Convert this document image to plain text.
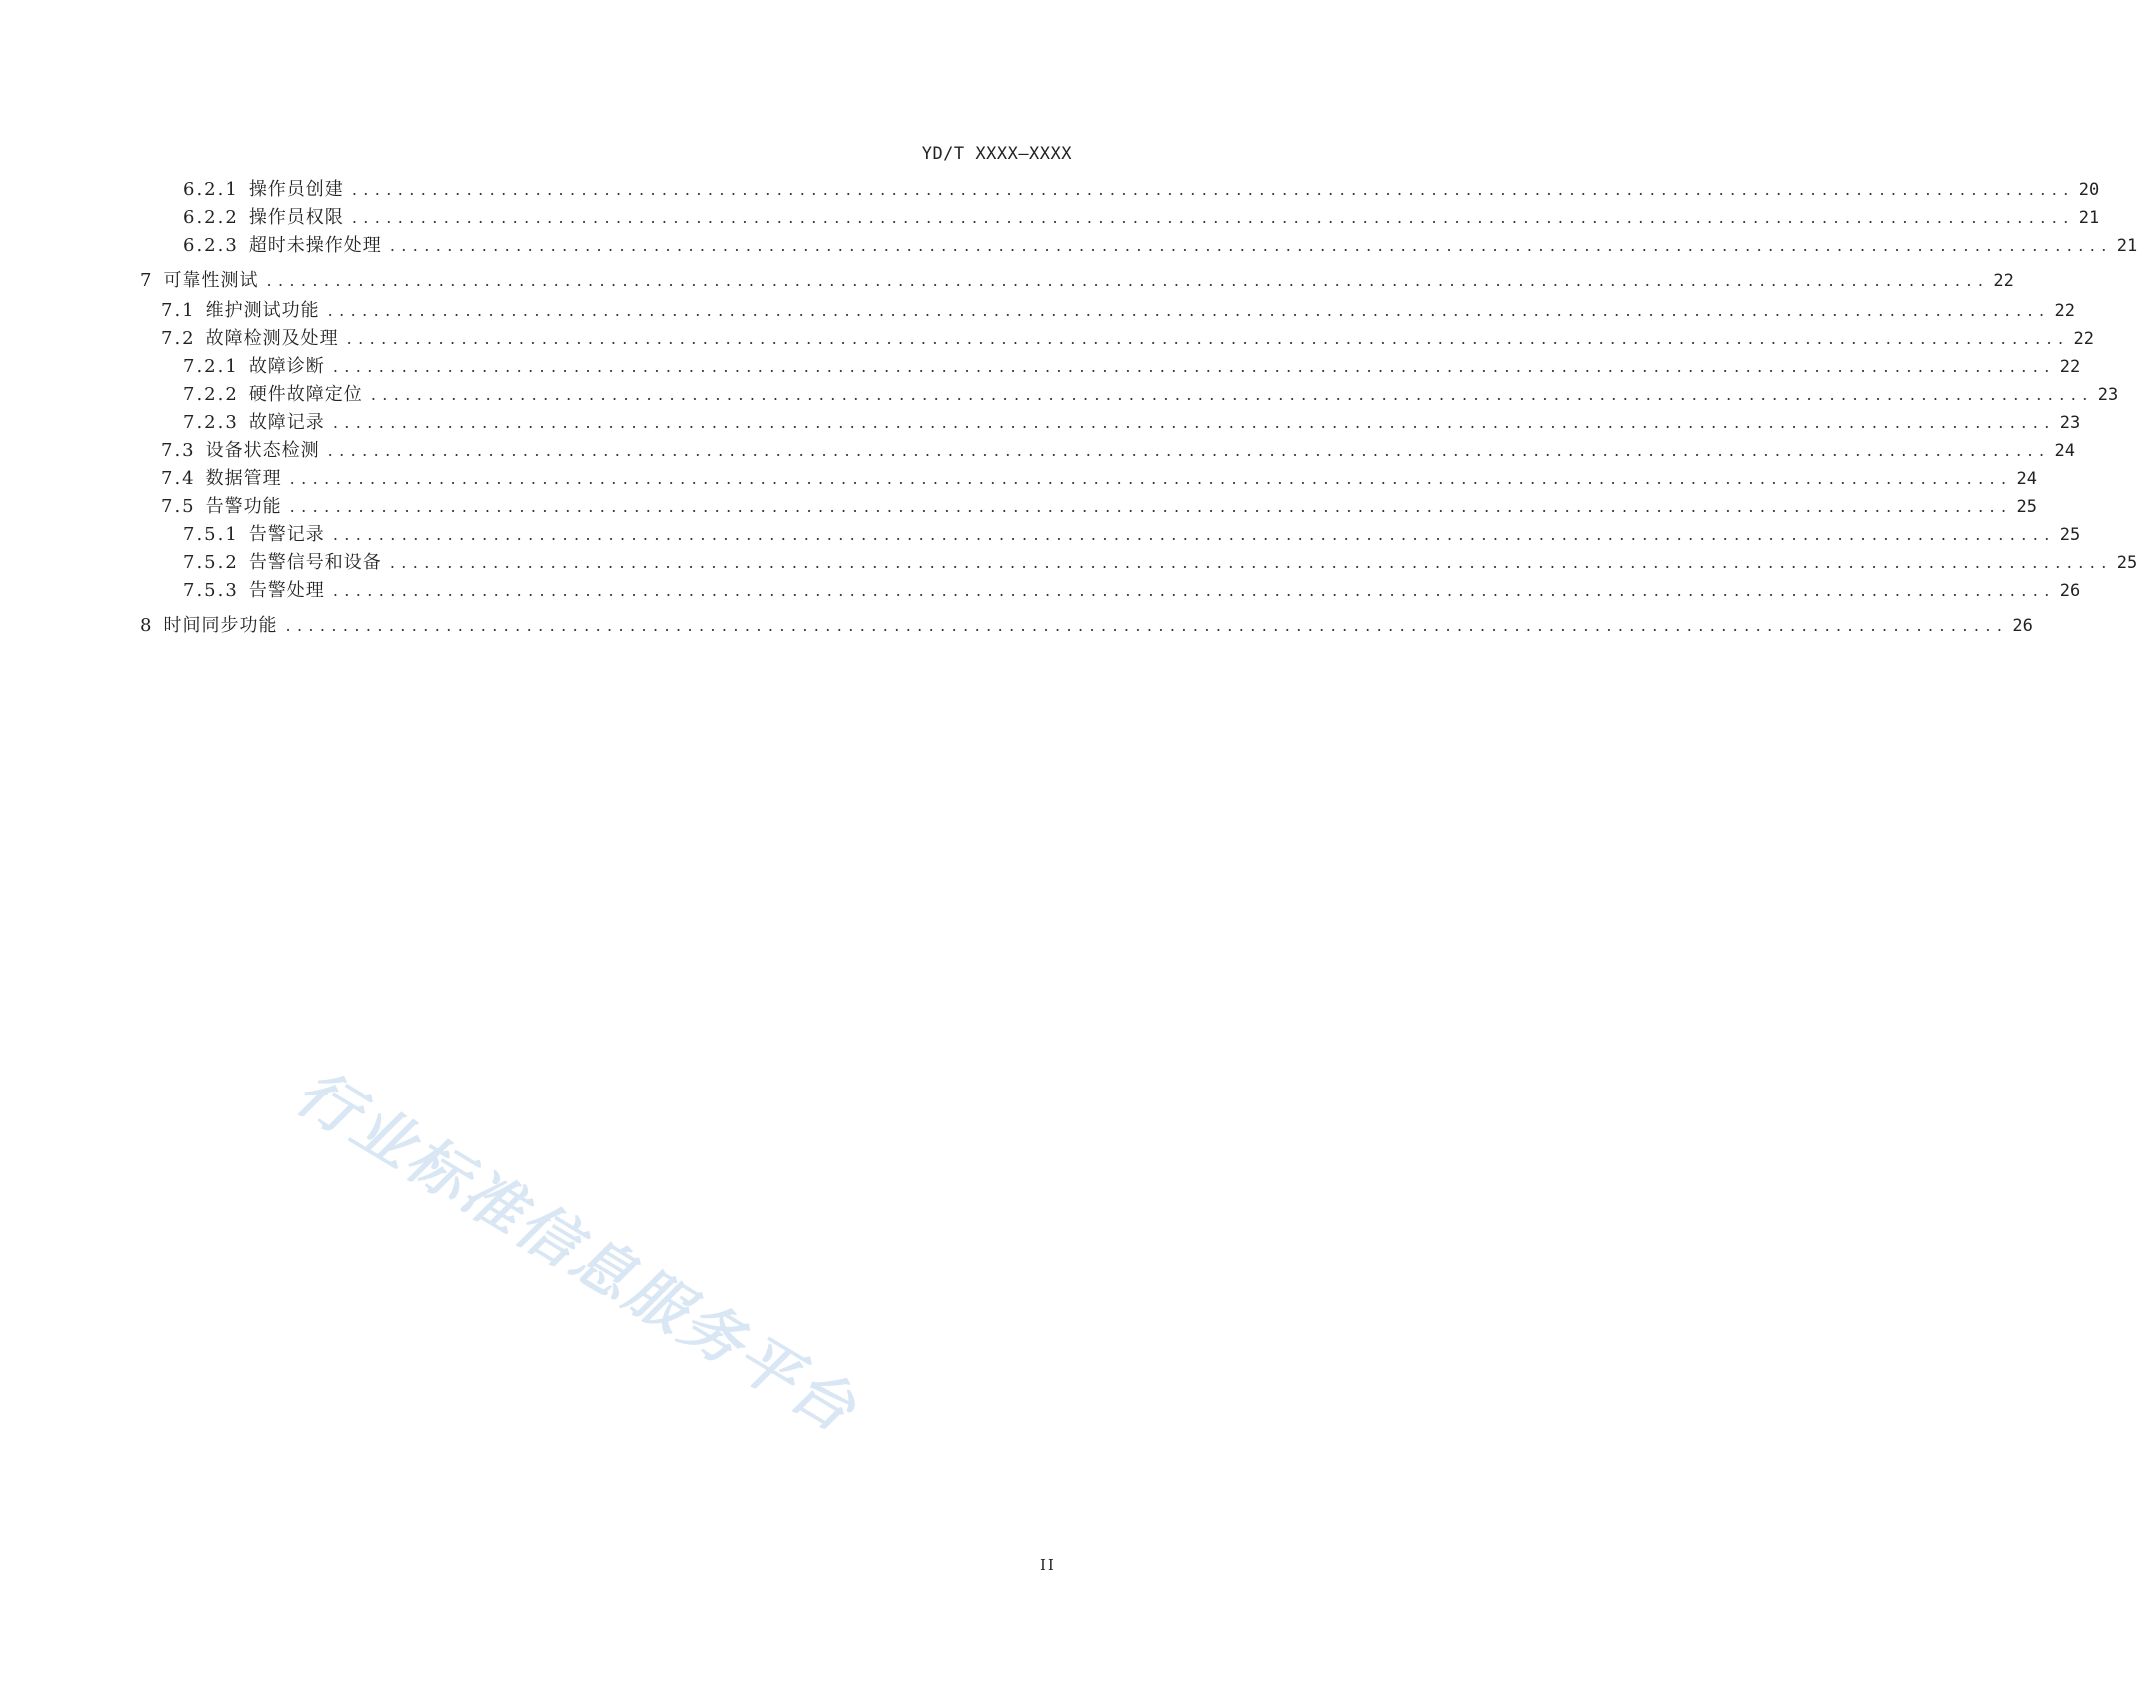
YD/T XXXX—XXXX
6.2.1 操作员创建 ...................................................................................................................................................... 20
6.2.2 操作员权限 ...................................................................................................................................................... 21
6.2.3 超时未操作处理 ...................................................................................................................................................... 21
7 可靠性测试 ...................................................................................................................................................... 22
7.1 维护测试功能 ...................................................................................................................................................... 22
7.2 故障检测及处理 ...................................................................................................................................................... 22
7.2.1 故障诊断 ...................................................................................................................................................... 22
7.2.2 硬件故障定位 ...................................................................................................................................................... 23
7.2.3 故障记录 ...................................................................................................................................................... 23
7.3 设备状态检测 ...................................................................................................................................................... 24
7.4 数据管理 ...................................................................................................................................................... 24
7.5 告警功能 ...................................................................................................................................................... 25
7.5.1 告警记录 ...................................................................................................................................................... 25
7.5.2 告警信号和设备 ...................................................................................................................................................... 25
7.5.3 告警处理 ...................................................................................................................................................... 26
8 时间同步功能 ...................................................................................................................................................... 26
行业标准信息服务平台
II
